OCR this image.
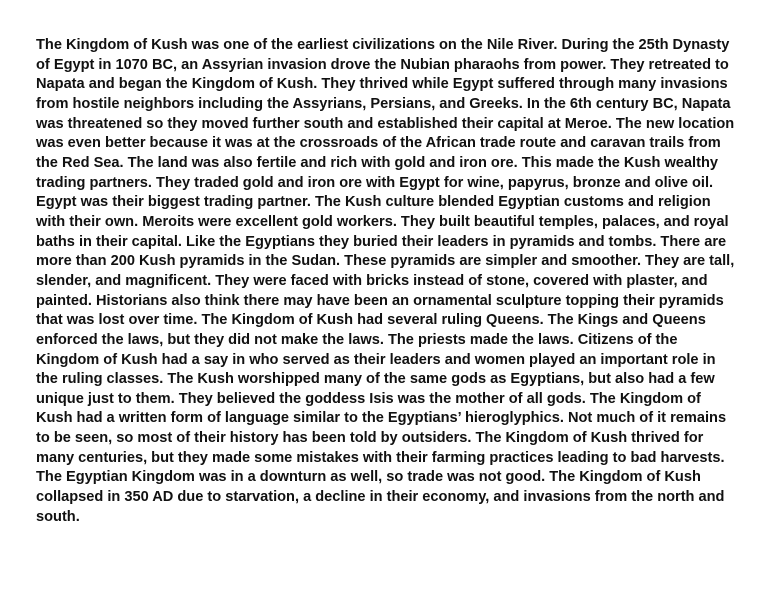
The Kingdom of Kush was one of the earliest civilizations on the Nile River. During the 25th Dynasty
of Egypt in 1070 BC, an Assyrian invasion drove the Nubian pharaohs from power. They retreated to
Napata and began the Kingdom of Kush. They thrived while Egypt suffered through many invasions
from hostile neighbors including the Assyrians, Persians, and Greeks. In the 6th century BC, Napata
was threatened so they moved further south and established their capital at Meroe. The new location
was even better because it was at the crossroads of the African trade route and caravan trails from
the Red Sea. The land was also fertile and rich with gold and iron ore. This made the Kush wealthy
trading partners. They traded gold and iron ore with Egypt for wine, papyrus, bronze and olive oil.
Egypt was their biggest trading partner. The Kush culture blended Egyptian customs and religion
with their own. Meroits were excellent gold workers. They built beautiful temples, palaces, and royal
baths in their capital. Like the Egyptians they buried their leaders in pyramids and tombs. There are
more than 200 Kush pyramids in the Sudan. These pyramids are simpler and smoother. They are tall,
slender, and magnificent. They were faced with bricks instead of stone, covered with plaster, and
painted. Historians also think there may have been an ornamental sculpture topping their pyramids
that was lost over time. The Kingdom of Kush had several ruling Queens. The Kings and Queens
enforced the laws, but they did not make the laws. The priests made the laws. Citizens of the
Kingdom of Kush had a say in who served as their leaders and women played an important role in
the ruling classes. The Kush worshipped many of the same gods as Egyptians, but also had a few
unique just to them. They believed the goddess Isis was the mother of all gods. The Kingdom of
Kush had a written form of language similar to the Egyptians’ hieroglyphics. Not much of it remains
to be seen, so most of their history has been told by outsiders. The Kingdom of Kush thrived for
many centuries, but they made some mistakes with their farming practices leading to bad harvests.
The Egyptian Kingdom was in a downturn as well, so trade was not good. The Kingdom of Kush
collapsed in 350 AD due to starvation, a decline in their economy, and invasions from the north and
south.
